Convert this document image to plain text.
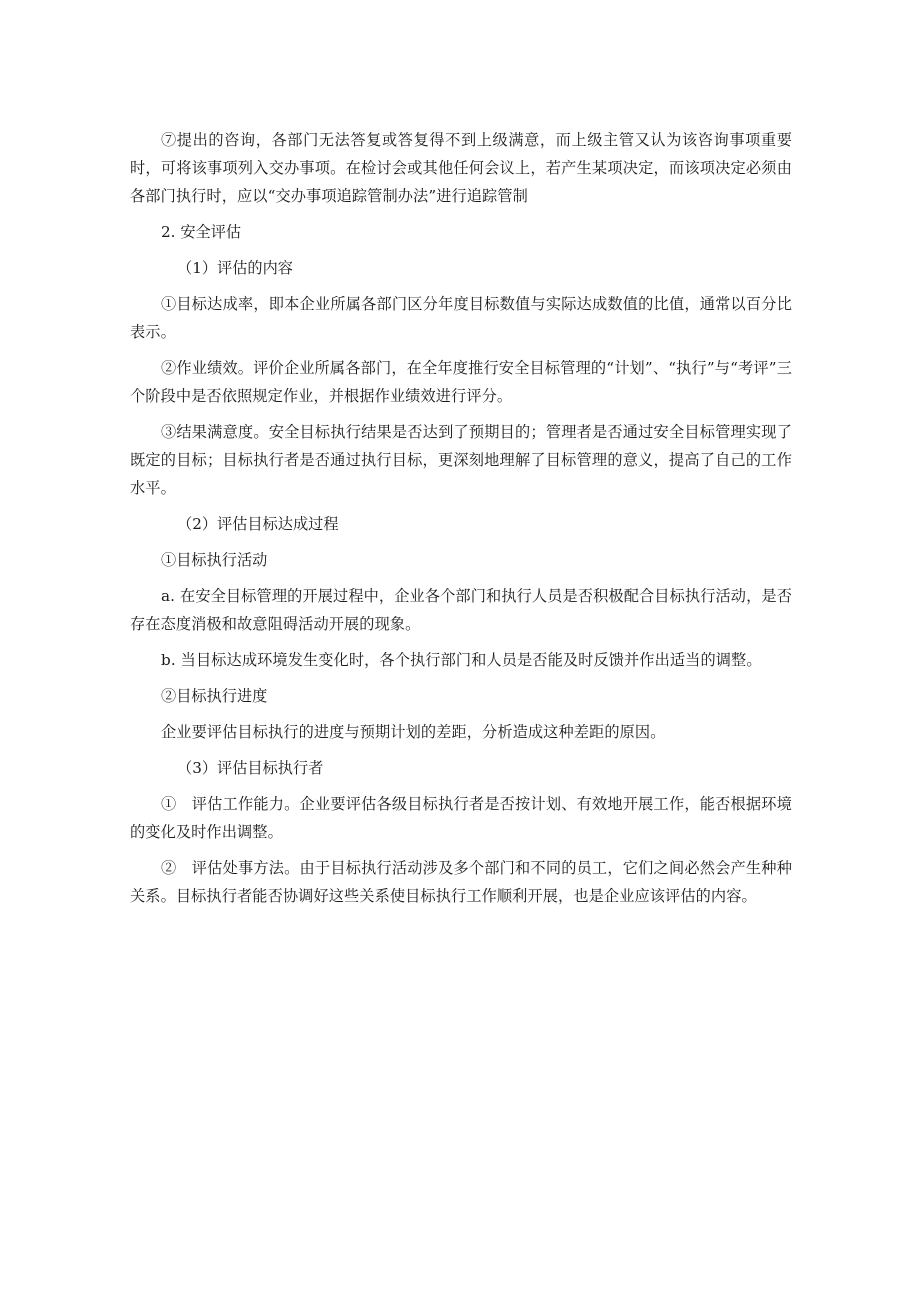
⑦提出的咨询，各部门无法答复或答复得不到上级满意，而上级主管又认为该咨询事项重要时，可将该事项列入交办事项。在检讨会或其他任何会议上，若产生某项决定，而该项决定必须由各部门执行时，应以“交办事项追踪管制办法”进行追踪管制

2. 安全评估

（1）评估的内容

①目标达成率，即本企业所属各部门区分年度目标数值与实际达成数值的比值，通常以百分比表示。

②作业绩效。评价企业所属各部门，在全年度推行安全目标管理的“计划”、“执行”与“考评”三个阶段中是否依照规定作业，并根据作业绩效进行评分。

③结果满意度。安全目标执行结果是否达到了预期目的；管理者是否通过安全目标管理实现了既定的目标；目标执行者是否通过执行目标，更深刻地理解了目标管理的意义，提高了自己的工作水平。

（2）评估目标达成过程

①目标执行活动

a. 在安全目标管理的开展过程中，企业各个部门和执行人员是否积极配合目标执行活动，是否存在态度消极和故意阻碍活动开展的现象。

b. 当目标达成环境发生变化时，各个执行部门和人员是否能及时反馈并作出适当的调整。

②目标执行进度

企业要评估目标执行的进度与预期计划的差距，分析造成这种差距的原因。

（3）评估目标执行者

①　评估工作能力。企业要评估各级目标执行者是否按计划、有效地开展工作，能否根据环境的变化及时作出调整。

②　评估处事方法。由于目标执行活动涉及多个部门和不同的员工，它们之间必然会产生种种关系。目标执行者能否协调好这些关系使目标执行工作顺利开展，也是企业应该评估的内容。
